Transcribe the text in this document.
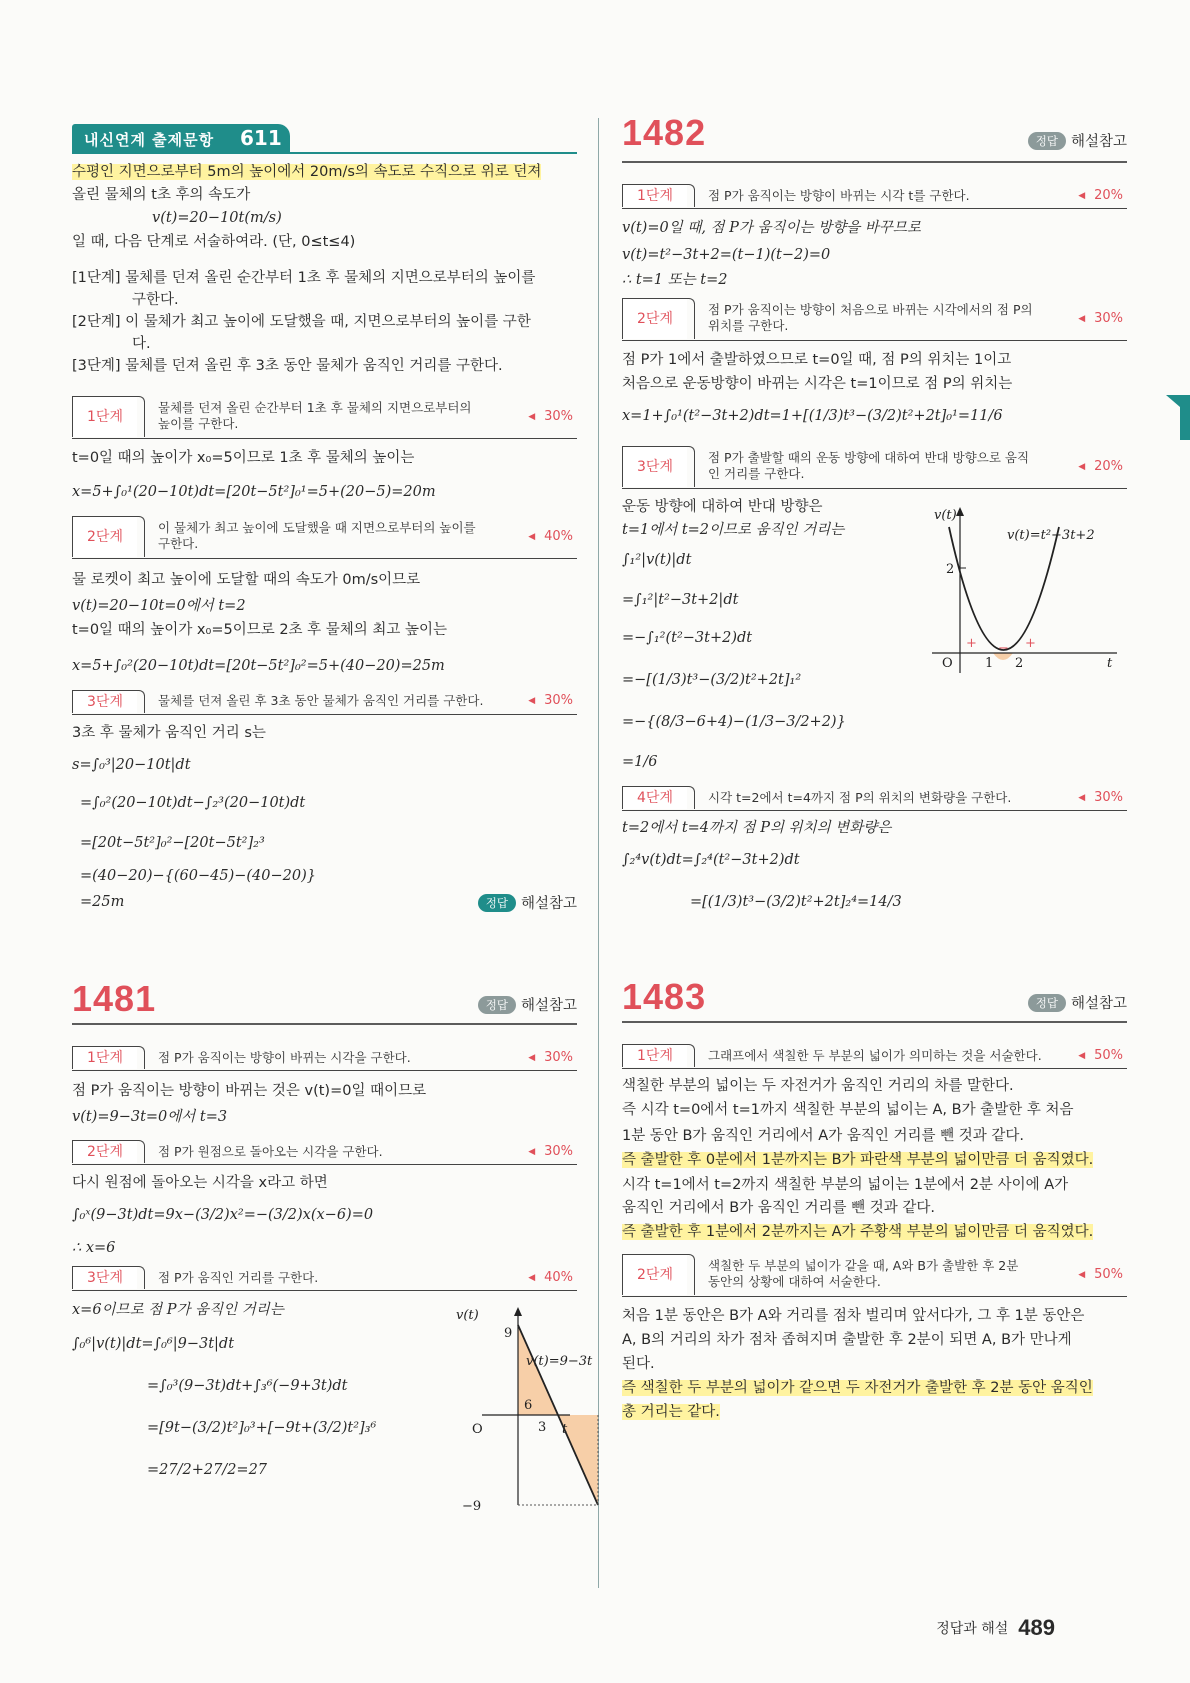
내신연계 출제문항 611
수평인 지면으로부터 5m의 높이에서 20m/s의 속도로 수직으로 위로 던져
올린 물체의 t초 후의 속도가
v(t)=20−10t(m/s)
일 때, 다음 단계로 서술하여라. (단, 0≤t≤4)
[1단계] 물체를 던져 올린 순간부터 1초 후 물체의 지면으로부터의 높이를
구한다.
[2단계] 이 물체가 최고 높이에 도달했을 때, 지면으로부터의 높이를 구한
다.
[3단계] 물체를 던져 올린 후 3초 동안 물체가 움직인 거리를 구한다.
1단계
물체를 던져 올린 순간부터 1초 후 물체의 지면으로부터의
높이를 구한다.	◀ 30%
t=0일 때의 높이가 x₀=5이므로 1초 후 물체의 높이는
x=5+∫₀¹(20−10t)dt=[20t−5t²]₀¹=5+(20−5)=20m
2단계
이 물체가 최고 높이에 도달했을 때 지면으로부터의 높이를
구한다.	◀ 40%
물 로켓이 최고 높이에 도달할 때의 속도가 0m/s이므로
v(t)=20−10t=0에서 t=2
t=0일 때의 높이가 x₀=5이므로 2초 후 물체의 최고 높이는
x=5+∫₀²(20−10t)dt=[20t−5t²]₀²=5+(40−20)=25m
3단계	물체를 던져 올린 후 3초 동안 물체가 움직인 거리를 구한다.	◀ 30%
3초 후 물체가 움직인 거리 s는
s=∫₀³|20−10t|dt
=∫₀²(20−10t)dt−∫₂³(20−10t)dt
=[20t−5t²]₀²−[20t−5t²]₂³
=(40−20)−{(60−45)−(40−20)}
=25m	정답 해설참고
1481	정답 해설참고
1단계	점 P가 움직이는 방향이 바뀌는 시각을 구한다.	◀ 30%
점 P가 움직이는 방향이 바뀌는 것은 v(t)=0일 때이므로
v(t)=9−3t=0에서 t=3
2단계	점 P가 원점으로 돌아오는 시각을 구한다.	◀ 30%
다시 원점에 돌아오는 시각을 x라고 하면
∫₀ˣ(9−3t)dt=9x−(3/2)x²=−(3/2)x(x−6)=0
∴ x=6
3단계	점 P가 움직인 거리를 구한다.	◀ 40%
x=6이므로 점 P가 움직인 거리는
∫₀⁶|v(t)|dt=∫₀⁶|9−3t|dt
=∫₀³(9−3t)dt+∫₃⁶(−9+3t)dt
=[9t−(3/2)t²]₀³+[−9t+(3/2)t²]₃⁶
=27/2+27/2=27
v(t)
9
v(t)=9−3t
O	3
6
t
−9
1482	정답 해설참고
1단계	점 P가 움직이는 방향이 바뀌는 시각 t를 구한다.	◀ 20%
v(t)=0일 때, 점 P가 움직이는 방향을 바꾸므로
v(t)=t²−3t+2=(t−1)(t−2)=0
∴ t=1 또는 t=2
2단계
점 P가 움직이는 방향이 처음으로 바뀌는 시각에서의 점 P의
위치를 구한다.	◀ 30%
점 P가 1에서 출발하였으므로 t=0일 때, 점 P의 위치는 1이고
처음으로 운동방향이 바뀌는 시각은 t=1이므로 점 P의 위치는
x=1+∫₀¹(t²−3t+2)dt=1+[(1/3)t³−(3/2)t²+2t]₀¹=11/6
3단계
점 P가 출발할 때의 운동 방향에 대하여 반대 방향으로 움직
인 거리를 구한다.	◀ 20%
운동 방향에 대하여 반대 방향은
t=1에서 t=2이므로 움직인 거리는
∫₁²|v(t)|dt
=∫₁²|t²−3t+2|dt
=−∫₁²(t²−3t+2)dt
=−[(1/3)t³−(3/2)t²+2t]₁²
=−{(8/3−6+4)−(1/3−3/2+2)}
=1/6
v(t)
v(t)=t²−3t+2
2
O 1 2
+	+
−
t
4단계	시각 t=2에서 t=4까지 점 P의 위치의 변화량을 구한다.	◀ 30%
t=2에서 t=4까지 점 P의 위치의 변화량은
∫₂⁴v(t)dt=∫₂⁴(t²−3t+2)dt
=[(1/3)t³−(3/2)t²+2t]₂⁴=14/3
1483	정답 해설참고
1단계	그래프에서 색칠한 두 부분의 넓이가 의미하는 것을 서술한다.	◀ 50%
색칠한 부분의 넓이는 두 자전거가 움직인 거리의 차를 말한다.
즉 시각 t=0에서 t=1까지 색칠한 부분의 넓이는 A, B가 출발한 후 처음
1분 동안 B가 움직인 거리에서 A가 움직인 거리를 뺀 것과 같다.
즉 출발한 후 0분에서 1분까지는 B가 파란색 부분의 넓이만큼 더 움직였다.
시각 t=1에서 t=2까지 색칠한 부분의 넓이는 1분에서 2분 사이에 A가
움직인 거리에서 B가 움직인 거리를 뺀 것과 같다.
즉 출발한 후 1분에서 2분까지는 A가 주황색 부분의 넓이만큼 더 움직였다.
2단계
색칠한 두 부분의 넓이가 같을 때, A와 B가 출발한 후 2분
동안의 상황에 대하여 서술한다.	◀ 50%
처음 1분 동안은 B가 A와 거리를 점차 벌리며 앞서다가, 그 후 1분 동안은
A, B의 거리의 차가 점차 좁혀지며 출발한 후 2분이 되면 A, B가 만나게
된다.
즉 색칠한 두 부분의 넓이가 같으면 두 자전거가 출발한 후 2분 동안 움직인
총 거리는 같다.
정답과 해설 489
